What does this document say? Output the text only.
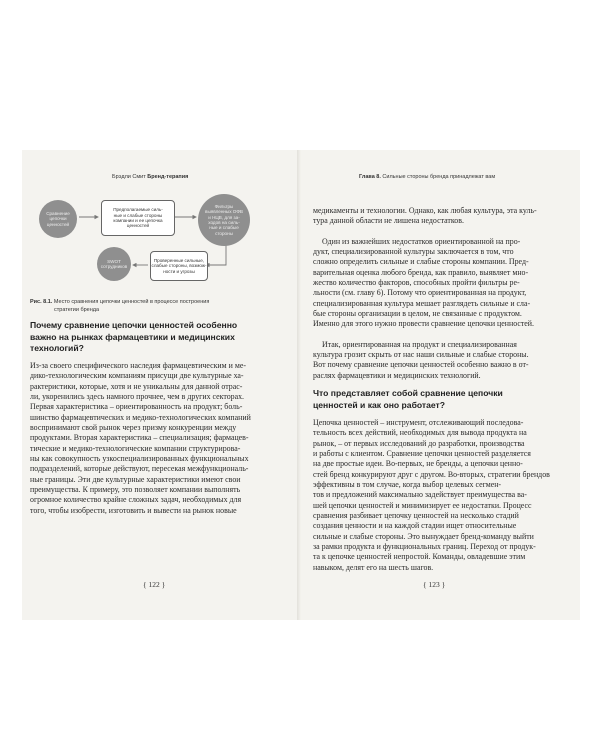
Брэдли Смит Бренд-терапия
Сравнение
цепочки
ценностей
Предполагаемые силь-
ные и слабые стороны
компании и ее цепочка
ценностей
Фильтры
выявленных ОФВ
и НЦВ, для за-
ходов на силь-
ные и слабые
стороны
Проверенные сильные,
слабые стороны, возмож-
ности и угрозы
SWOT
сотрудников
Рис. 8.1. Место сравнения цепочки ценностей в процессе построения
стратегии бренда
Почему сравнение цепочки ценностей особенно
важно на рынках фармацевтики и медицинских
технологий?
Из-за своего специфического наследия фармацевтическим и ме-
дико-технологическим компаниям присущи две культурные ха-
рактеристики, которые, хотя и не уникальны для данной отрас-
ли, укоренились здесь намного прочнее, чем в других секторах.
Первая характеристика – ориентированность на продукт; боль-
шинство фармацевтических и медико-технологических компаний
воспринимают свой рынок через призму конкуренции между
продуктами. Вторая характеристика – специализация; фармацев-
тические и медико-технологические компании структурирова-
ны как совокупность узкоспециализированных функциональных
подразделений, которые действуют, пересекая межфункциональ-
ные границы. Эти две культурные характеристики имеют свои
преимущества. К примеру, это позволяет компании выполнять
огромное количество крайне сложных задач, необходимых для
того, чтобы изобрести, изготовить и вывести на рынок новые
{ 122 }
Глава 8. Сильные стороны бренда принадлежат вам
медикаменты и технологии. Однако, как любая культура, эта куль-
тура данной области не лишена недостатков.
Один из важнейших недостатков ориентированной на про-
дукт, специализированной культуры заключается в том, что
сложно определить сильные и слабые стороны компании. Пред-
варительная оценка любого бренда, как правило, выявляет мно-
жество количество факторов, способных пройти фильтры ре-
льности (см. главу 6). Потому что ориентированная на продукт,
специализированная культура мешает разглядеть сильные и сла-
бые стороны организации в целом, не связанные с продуктом.
Именно для этого нужно провести сравнение цепочки ценностей.
Итак, ориентированная на продукт и специализированная
культура грозит скрыть от нас наши сильные и слабые стороны.
Вот почему сравнение цепочки ценностей особенно важно в от-
раслях фармацевтики и медицинских технологий.
Что представляет собой сравнение цепочки
ценностей и как оно работает?
Цепочка ценностей – инструмент, отслеживающий последова-
тельность всех действий, необходимых для вывода продукта на
рынок, – от первых исследований до разработки, производства
и работы с клиентом. Сравнение цепочки ценностей разделяется
на две простые идеи. Во-первых, не бренды, а цепочки ценно-
стей бренд конкурируют друг с другом. Во-вторых, стратегии брендов
эффективны в том случае, когда выбор целевых сегмен-
тов и предложений максимально задействует преимущества ва-
шей цепочки ценностей и минимизирует ее недостатки. Процесс
сравнения разбивает цепочку ценностей на несколько стадий
создания ценности и на каждой стадии ищет относительные
сильные и слабые стороны. Это вынуждает бренд-команду выйти
за рамки продукта и функциональных границ. Переход от продук-
та к цепочке ценностей непростой. Команды, овладевшие этим
навыком, делят его на шесть шагов.
{ 123 }
